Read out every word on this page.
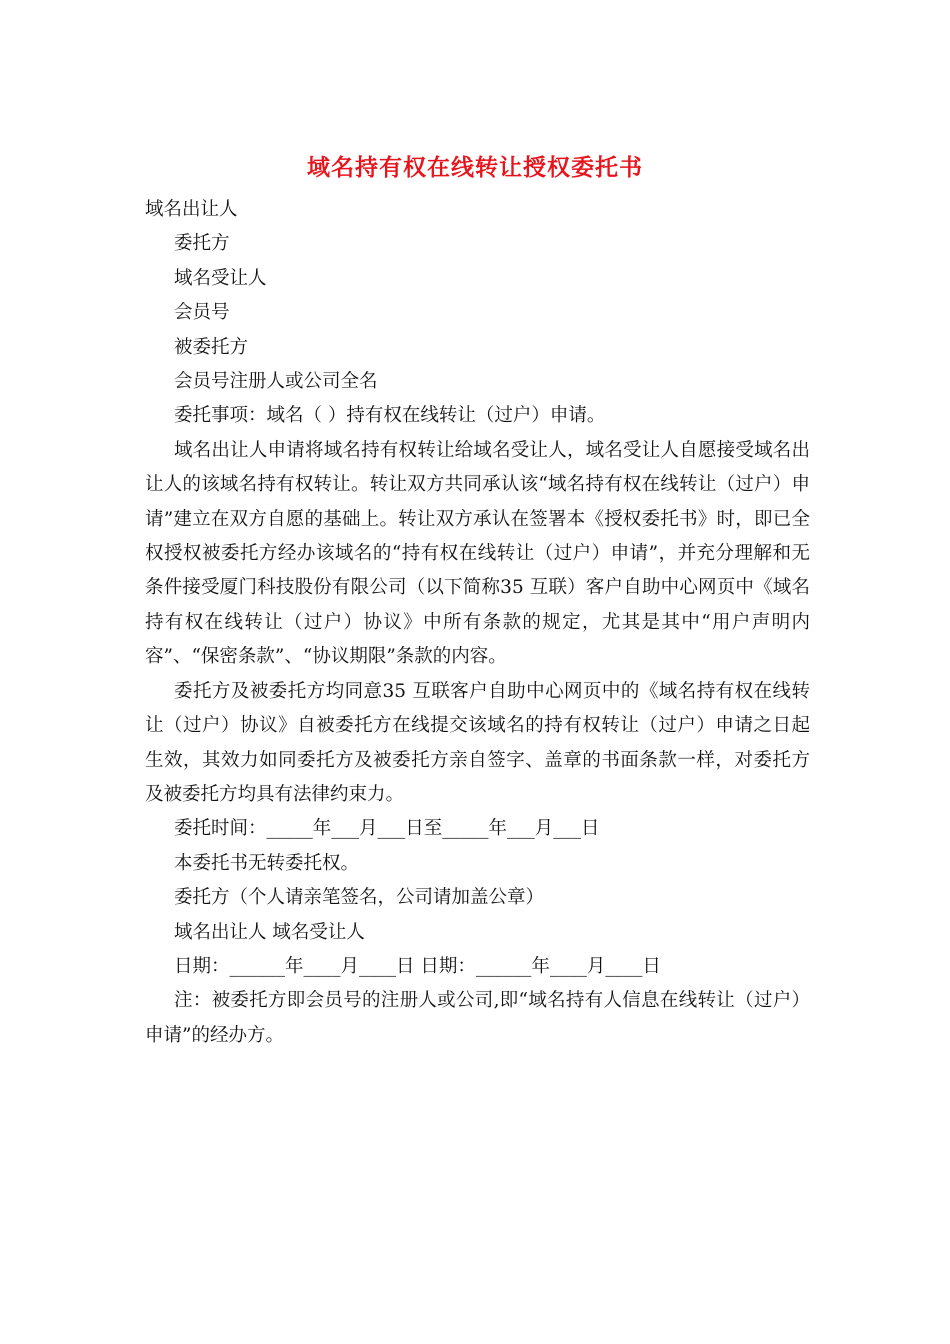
域名持有权在线转让授权委托书

域名出让人

委托方

域名受让人

会员号

被委托方

会员号注册人或公司全名

委托事项：域名（ ）持有权在线转让（过户）申请。

域名出让人申请将域名持有权转让给域名受让人，域名受让人自愿接受域名出让人的该域名持有权转让。转让双方共同承认该“域名持有权在线转让（过户）申请”建立在双方自愿的基础上。转让双方承认在签署本《授权委托书》时，即已全权授权被委托方经办该域名的“持有权在线转让（过户）申请”，并充分理解和无条件接受厦门科技股份有限公司（以下简称35 互联）客户自助中心网页中《域名持有权在线转让（过户）协议》中所有条款的规定，尤其是其中“用户声明内容”、“保密条款”、“协议期限”条款的内容。

委托方及被委托方均同意35 互联客户自助中心网页中的《域名持有权在线转让（过户）协议》自被委托方在线提交该域名的持有权转让（过户）申请之日起生效，其效力如同委托方及被委托方亲自签字、盖章的书面条款一样，对委托方及被委托方均具有法律约束力。

委托时间：_____年___月___日至_____年___月___日

本委托书无转委托权。

委托方（个人请亲笔签名，公司请加盖公章）

域名出让人 域名受让人

日期：______年____月____日 日期：______年____月____日

注：被委托方即会员号的注册人或公司,即“域名持有人信息在线转让（过户）申请”的经办方。
